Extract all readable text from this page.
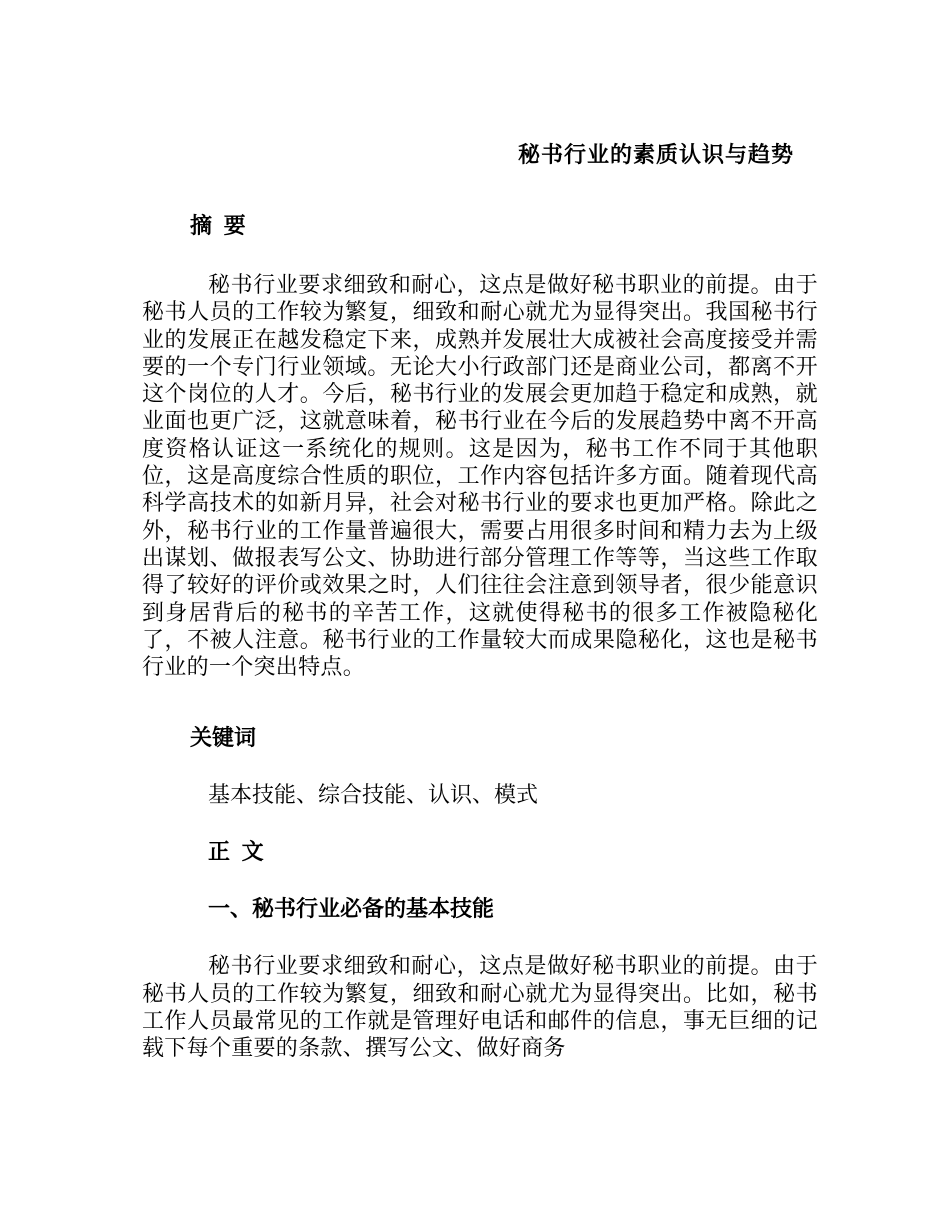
秘书行业的素质认识与趋势

摘 要

秘书行业要求细致和耐心，这点是做好秘书职业的前提。由于秘书人员的工作较为繁复，细致和耐心就尤为显得突出。我国秘书行业的发展正在越发稳定下来，成熟并发展壮大成被社会高度接受并需要的一个专门行业领域。无论大小行政部门还是商业公司，都离不开这个岗位的人才。今后，秘书行业的发展会更加趋于稳定和成熟，就业面也更广泛，这就意味着，秘书行业在今后的发展趋势中离不开高度资格认证这一系统化的规则。这是因为，秘书工作不同于其他职位，这是高度综合性质的职位，工作内容包括许多方面。随着现代高科学高技术的如新月异，社会对秘书行业的要求也更加严格。除此之外，秘书行业的工作量普遍很大，需要占用很多时间和精力去为上级出谋划、做报表写公文、协助进行部分管理工作等等，当这些工作取得了较好的评价或效果之时，人们往往会注意到领导者，很少能意识到身居背后的秘书的辛苦工作，这就使得秘书的很多工作被隐秘化了，不被人注意。秘书行业的工作量较大而成果隐秘化，这也是秘书行业的一个突出特点。

关键词

基本技能、综合技能、认识、模式

正 文

一、秘书行业必备的基本技能

秘书行业要求细致和耐心，这点是做好秘书职业的前提。由于秘书人员的工作较为繁复，细致和耐心就尤为显得突出。比如，秘书工作人员最常见的工作就是管理好电话和邮件的信息，事无巨细的记载下每个重要的条款、撰写公文、做好商务
